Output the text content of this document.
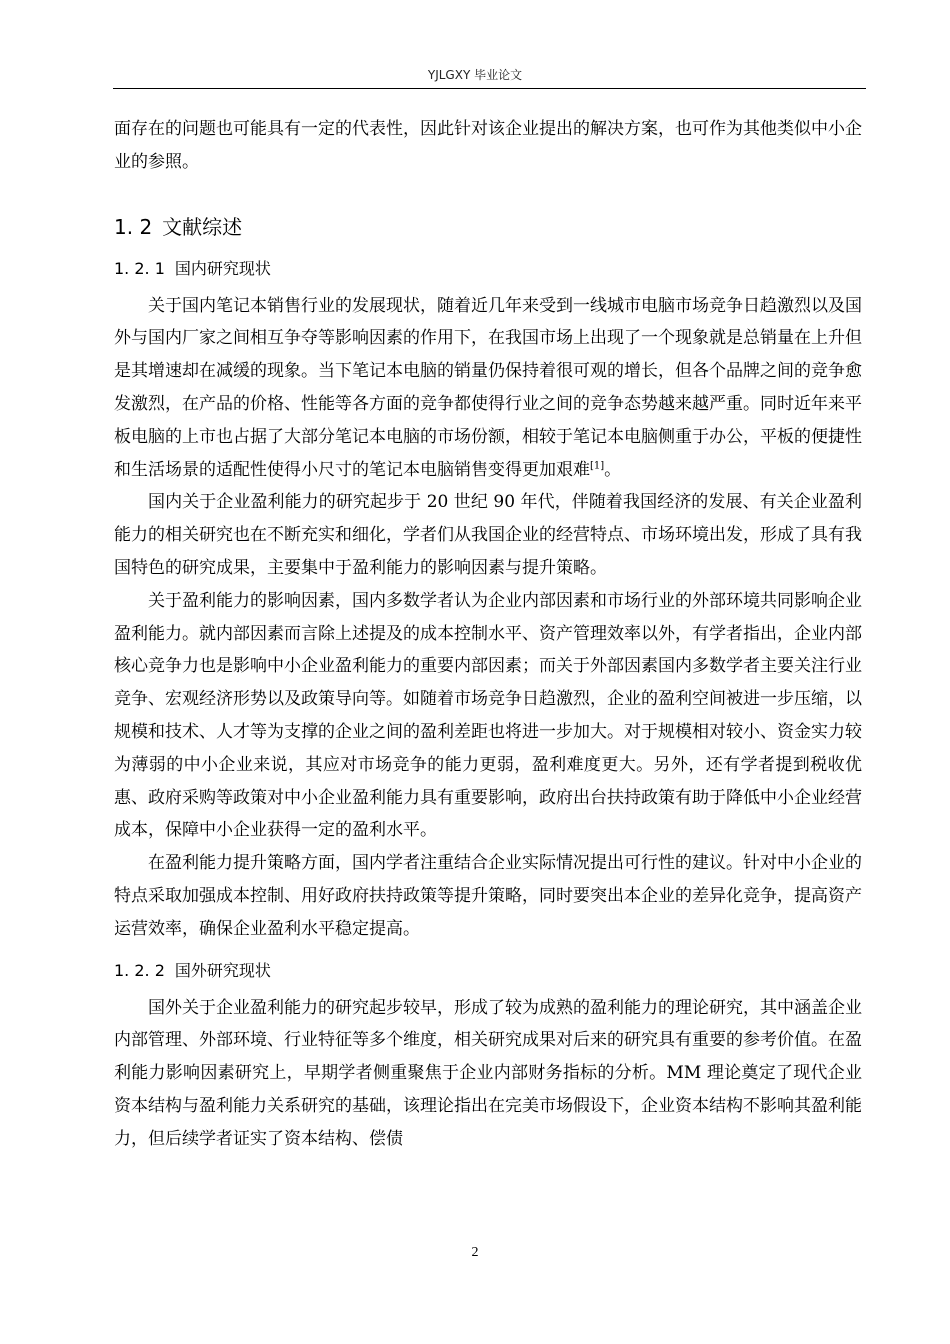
YJLGXY 毕业论文

面存在的问题也可能具有一定的代表性，因此针对该企业提出的解决方案，也可作为其他类似中小企业的参照。

1. 2 文献综述
1. 2. 1 国内研究现状

关于国内笔记本销售行业的发展现状，随着近几年来受到一线城市电脑市场竞争日趋激烈以及国外与国内厂家之间相互争夺等影响因素的作用下，在我国市场上出现了一个现象就是总销量在上升但是其增速却在减缓的现象。当下笔记本电脑的销量仍保持着很可观的增长，但各个品牌之间的竞争愈发激烈，在产品的价格、性能等各方面的竞争都使得行业之间的竞争态势越来越严重。同时近年来平板电脑的上市也占据了大部分笔记本电脑的市场份额，相较于笔记本电脑侧重于办公，平板的便捷性和生活场景的适配性使得小尺寸的笔记本电脑销售变得更加艰难[1]。

国内关于企业盈利能力的研究起步于 20 世纪 90 年代，伴随着我国经济的发展、有关企业盈利能力的相关研究也在不断充实和细化，学者们从我国企业的经营特点、市场环境出发，形成了具有我国特色的研究成果，主要集中于盈利能力的影响因素与提升策略。

关于盈利能力的影响因素，国内多数学者认为企业内部因素和市场行业的外部环境共同影响企业盈利能力。就内部因素而言除上述提及的成本控制水平、资产管理效率以外，有学者指出，企业内部核心竞争力也是影响中小企业盈利能力的重要内部因素；而关于外部因素国内多数学者主要关注行业竞争、宏观经济形势以及政策导向等。如随着市场竞争日趋激烈，企业的盈利空间被进一步压缩，以规模和技术、人才等为支撑的企业之间的盈利差距也将进一步加大。对于规模相对较小、资金实力较为薄弱的中小企业来说，其应对市场竞争的能力更弱，盈利难度更大。另外，还有学者提到税收优惠、政府采购等政策对中小企业盈利能力具有重要影响，政府出台扶持政策有助于降低中小企业经营成本，保障中小企业获得一定的盈利水平。

在盈利能力提升策略方面，国内学者注重结合企业实际情况提出可行性的建议。针对中小企业的特点采取加强成本控制、用好政府扶持政策等提升策略，同时要突出本企业的差异化竞争，提高资产运营效率，确保企业盈利水平稳定提高。

1. 2. 2 国外研究现状

国外关于企业盈利能力的研究起步较早，形成了较为成熟的盈利能力的理论研究，其中涵盖企业内部管理、外部环境、行业特征等多个维度，相关研究成果对后来的研究具有重要的参考价值。在盈利能力影响因素研究上，早期学者侧重聚焦于企业内部财务指标的分析。MM 理论奠定了现代企业资本结构与盈利能力关系研究的基础，该理论指出在完美市场假设下，企业资本结构不影响其盈利能力，但后续学者证实了资本结构、偿债

2
